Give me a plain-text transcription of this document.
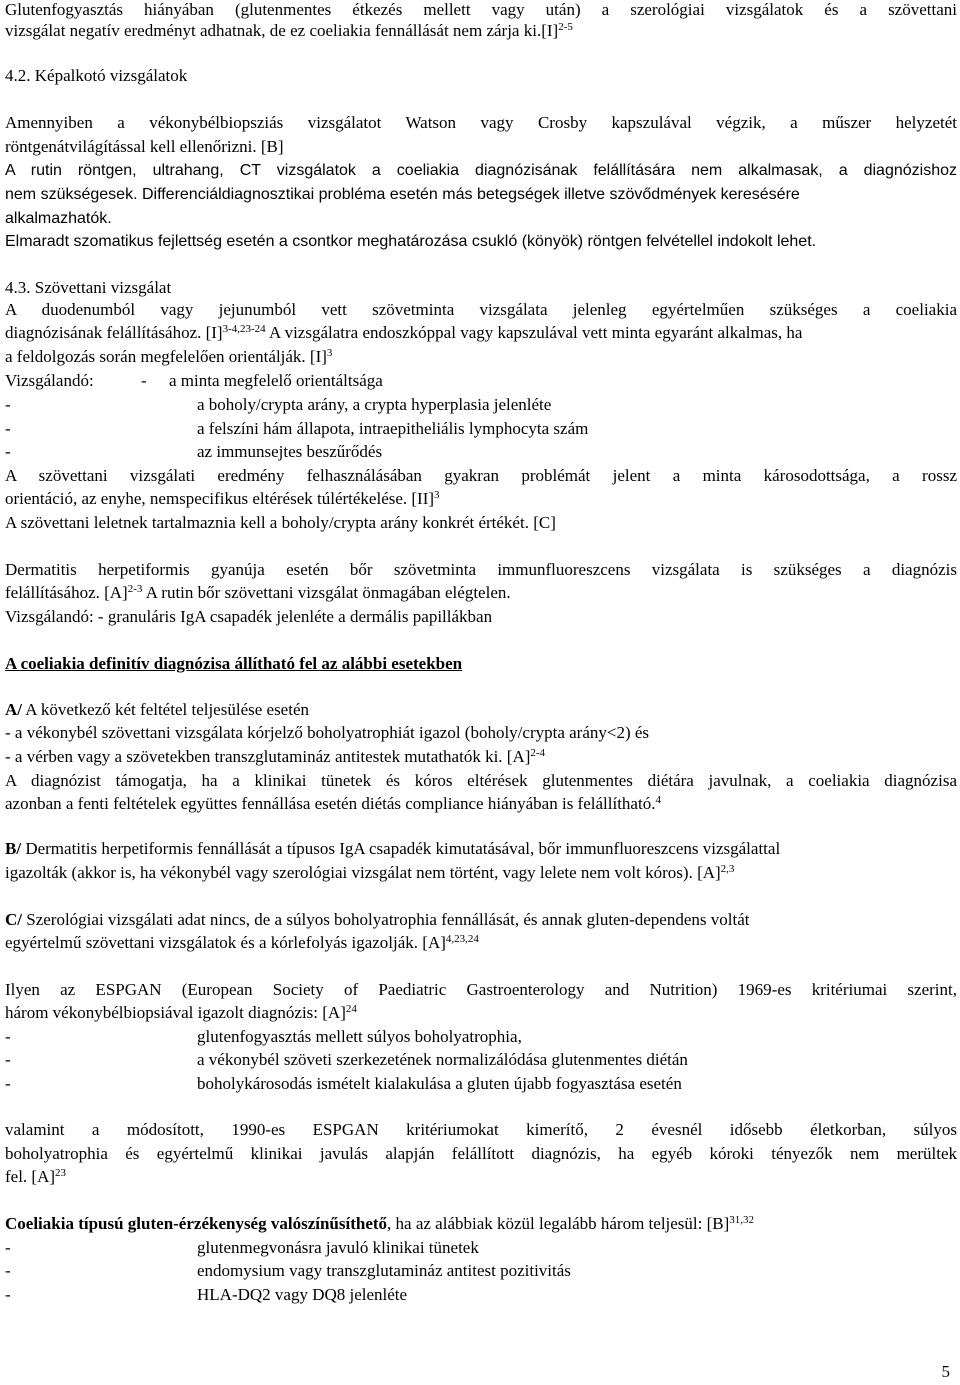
Glutenfogyasztás hiányában (glutenmentes étkezés mellett vagy után) a szerológiai vizsgálatok és a szövettani
vizsgálat negatív eredményt adhatnak, de ez coeliakia fennállását nem zárja $ki.[I]^{2-5}$
4.2. Képalkotó vizsgálatok
Amennyiben a vékonybélbiopsziás vizsgálatot Watson vagy Crosby kapszulával végzik, a műszer helyzetét
röntgenátvilágítással kell ellenőrizni. [B]
A rutin röntgen, ultrahang, CT vizsgálatok a coeliakia diagnózisának felállítására nem alkalmasak, a diagnózishoz
nem szükségesek. Differenciáldiagnosztikai probléma esetén más betegségek illetve szövődmények keresésére
alkalmazhatók.
Elmaradt szomatikus fejlettség esetén a csontkor meghatározása csukló (könyök) röntgen felvétellel indokolt lehet.
4.3. Szövettani vizsgálat
A duodenumból vagy jejunumból vett szövetminta vizsgálata jelenleg egyértelműen szükséges a coeliakia
diagnózisának felállításához. $[I]^{3-4,23-24}$ A vizsgálatra endoszkóppal vagy kapszulával vett minta egyaránt alkalmas, ha
a feldolgozás során megfelelően orientálják. $[I]^3$
Vizsgálandó:	- a minta megfelelő orientáltsága
-	a boholy/crypta arány, a crypta hyperplasia jelenléte
-	a felszíni hám állapota, intraepitheliális lymphocyta szám
-	az immunsejtes beszűrődés
A szövettani vizsgálati eredmény felhasználásában gyakran problémát jelent a minta károsodottsága, a rossz
orientáció, az enyhe, nemspecifikus eltérések túlértékelése. [II]$^3$
A szövettani leletnek tartalmaznia kell a boholy/crypta arány konkrét értékét. [C]
Dermatitis herpetiformis gyanúja esetén bőr szövetminta immunfluoreszcens vizsgálata is szükséges a diagnózis
felállításához. $[A]^{2-3}$ A rutin bőr szövettani vizsgálat önmagában elégtelen.
Vizsgálandó: - granuláris IgA csapadék jelenléte a dermális papillákban
A coeliakia definitív diagnózisa állítható fel az alábbi esetekben
A/ A következő két feltétel teljesülése esetén
- a vékonybél szövettani vizsgálata kórjelző boholyatrophiát igazol (boholy/crypta arány<2) és
- a vérben vagy a szövetekben transzglutamináz antitestek mutathatók ki. $[A]^{2-4}$
A diagnózist támogatja, ha a klinikai tünetek és kóros eltérések glutenmentes diétára javulnak, a coeliakia diagnózisa
azonban a fenti feltételek együttes fennállása esetén diétás compliance hiányában is felállítható.$^4$
B/ Dermatitis herpetiformis fennállását a típusos IgA csapadék kimutatásával, bőr immunfluoreszcens vizsgálattal
igazolták (akkor is, ha vékonybél vagy szerológiai vizsgálat nem történt, vagy lelete nem volt kóros). $[A]^{2,3}$
C/ Szerológiai vizsgálati adat nincs, de a súlyos boholyatrophia fennállását, és annak gluten-dependens voltát
egyértelmű szövettani vizsgálatok és a kórlefolyás igazolják. $[A]^{4,23,24}$
Ilyen az ESPGAN (European Society of Paediatric Gastroenterology and Nutrition) 1969-es kritériumai szerint,
három vékonybélbiopsiával igazolt diagnózis: $[A]^{24}$
-	glutenfogyasztás mellett súlyos boholyatrophia,
-	a vékonybél szöveti szerkezetének normalizálódása glutenmentes diétán
-	boholykárosodás ismételt kialakulása a gluten újabb fogyasztása esetén
valamint a módosított, 1990-es ESPGAN kritériumokat kimerítő, 2 évesnél idősebb életkorban, súlyos
boholyatrophia és egyértelmű klinikai javulás alapján felállított diagnózis, ha egyéb kóroki tényezők nem merültek
fel. $[A]^{23}$
Coeliakia típusú gluten-érzékenység valószínűsíthető, ha az alábbiak közül legalább három teljesül: $[B]^{31,32}$
-	glutenmegvonásra javuló klinikai tünetek
-	endomysium vagy transzglutamináz antitest pozitivitás
-	HLA-DQ2 vagy DQ8 jelenléte
5
